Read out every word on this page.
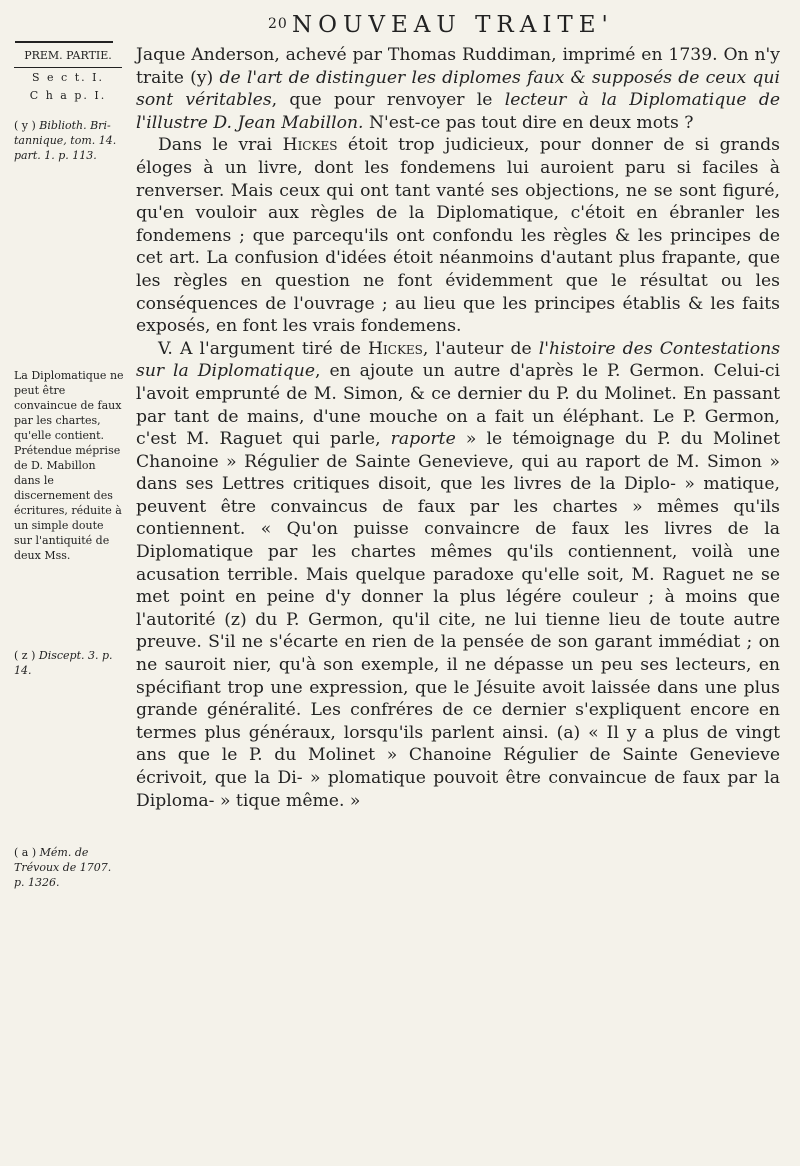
20 NOUVEAU TRAITE'
PREM. PARTIE.
S e c t. I.
C h a p. I.
( y ) Biblioth. Bri-tannique, tom. 14. part. 1. p. 113.
La Diplomatique ne peut être convaincue de faux par les chartes, qu'elle contient. Prétendue méprise de D. Mabillon dans le discernement des écritures, réduite à un simple doute sur l'antiquité de deux Mss.
( z ) Discept. 3. p. 14.
( a ) Mém. de Trévoux de 1707. p. 1326.

Jaque Anderson, achevé par Thomas Ruddiman, imprimé en 1739. On n'y traite (y) de l'art de distinguer les diplomes faux & supposés de ceux qui sont véritables, que pour renvoyer le lecteur à la Diplomatique de l'illustre D. Jean Mabillon. N'est-ce pas tout dire en deux mots ?

Dans le vrai Hickes étoit trop judicieux, pour donner de si grands éloges à un livre, dont les fondemens lui auroient paru si faciles à renverser. Mais ceux qui ont tant vanté ses objections, ne se sont figuré, qu'en vouloir aux règles de la Diplomatique, c'étoit en ébranler les fondemens ; que parcequ'ils ont confondu les règles & les principes de cet art. La confusion d'idées étoit néanmoins d'autant plus frapante, que les règles en question ne font évidemment que le résultat ou les conséquences de l'ouvrage ; au lieu que les principes établis & les faits exposés, en font les vrais fondemens.

V. A l'argument tiré de Hickes, l'auteur de l'histoire des Contestations sur la Diplomatique, en ajoute un autre d'après le P. Germon. Celui-ci l'avoit emprunté de M. Simon, & ce dernier du P. du Molinet. En passant par tant de mains, d'une mouche on a fait un éléphant. Le P. Germon, c'est M. Raguet qui parle, raporte » le témoignage du P. du Molinet Chanoine » Régulier de Sainte Genevieve, qui au raport de M. Simon » dans ses Lettres critiques disoit, que les livres de la Diplo- » matique, peuvent être convaincus de faux par les chartes » mêmes qu'ils contiennent. « Qu'on puisse convaincre de faux les livres de la Diplomatique par les chartes mêmes qu'ils contiennent, voilà une acusation terrible. Mais quelque paradoxe qu'elle soit, M. Raguet ne se met point en peine d'y donner la plus légére couleur ; à moins que l'autorité (z) du P. Germon, qu'il cite, ne lui tienne lieu de toute autre preuve. S'il ne s'écarte en rien de la pensée de son garant immédiat ; on ne sauroit nier, qu'à son exemple, il ne dépasse un peu ses lecteurs, en spécifiant trop une expression, que le Jésuite avoit laissée dans une plus grande généralité. Les confréres de ce dernier s'expliquent encore en termes plus généraux, lorsqu'ils parlent ainsi. (a) « Il y a plus de vingt ans que le P. du Molinet » Chanoine Régulier de Sainte Genevieve écrivoit, que la Di- » plomatique pouvoit être convaincue de faux par la Diploma- » tique même. »
